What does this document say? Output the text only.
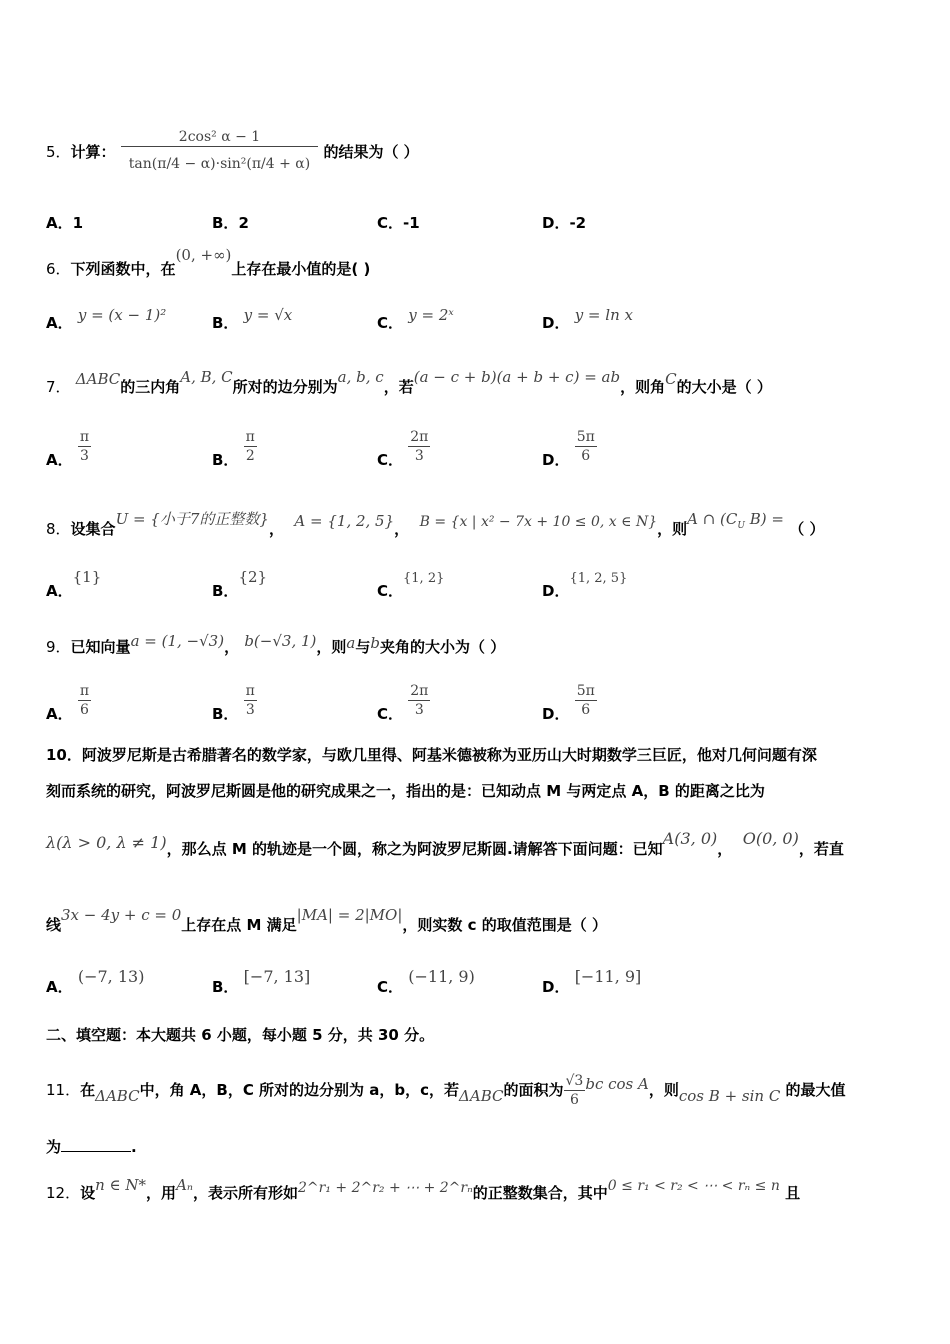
5．计算： $\frac{\text{2cos² α − 1}}{\text{tan(π/4 − α)·sin²(π/4 + α)}}$ 的结果为（ ）
A．1	B．2	C．-1	D．-2
6．下列函数中，在(0, +∞)上存在最小值的是( )
A． y = (x − 1)²	B． y = √x	C． y = 2ˣ	D． y = ln x
7． ΔABC的三内角A, B, C所对的边分别为a, b, c，若(a − c + b)(a + b + c) = ab，则角C的大小是（ ）
A． $\frac{\pi}{3}$	B． $\frac{\pi}{2}$	C． $\frac{2\pi}{3}$	D． $\frac{5\pi}{6}$
8．设集合U = {小于7的正整数}， A = {1, 2, 5}， B = {x | x² − 7x + 10 ≤ 0, x ∈ N}，则A ∩ ($C_U$ B) = （ ）
A．{1}
B．{2}
C．{1, 2}
D．{1, 2, 5}
9．已知向量a = (1, −√3)， b(−√3, 1)，则a与b夹角的大小为（ ）
A． $\frac{\pi}{6}$	B． $\frac{\pi}{3}$	C． $\frac{2\pi}{3}$	D． $\frac{5\pi}{6}$
10．阿波罗尼斯是古希腊著名的数学家，与欧几里得、阿基米德被称为亚历山大时期数学三巨匠，他对几何问题有深
刻而系统的研究，阿波罗尼斯圆是他的研究成果之一，指出的是：已知动点 M 与两定点 A，B 的距离之比为
λ(λ > 0, λ ≠ 1)，那么点 M 的轨迹是一个圆，称之为阿波罗尼斯圆.请解答下面问题：已知A(3, 0)，  O(0, 0)，若直
线3x − 4y + c = 0上存在点 M 满足|MA| = 2|MO|，则实数 c 的取值范围是（ ）
A． (−7, 13)
B． [−7, 13]
C． (−11, 9)
D． [−11, 9]
二、填空题：本大题共 6 小题，每小题 5 分，共 30 分。
11．在ΔABC中，角 A，B，C 所对的边分别为 a，b，c，若ΔABC的面积为 $\frac{√3}{6}$ bc cos A，则cos B + sin C 的最大值
为	.
12．设n ∈ N*，用Aₙ，表示所有形如2^r₁ + 2^r₂ + ⋯ + 2^rₙ的正整数集合，其中0 ≤ r₁ < r₂ < ⋯ < rₙ ≤ n 且
